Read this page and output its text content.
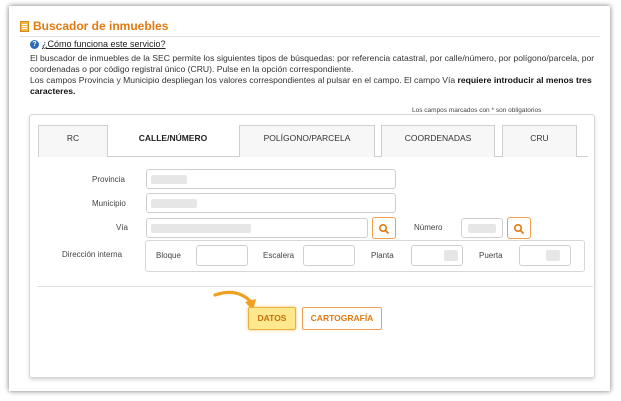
Buscador de inmuebles
? ¿Cómo funciona este servicio?

El buscador de inmuebles de la SEC permite los siguientes tipos de búsquedas: por referencia catastral, por calle/número, por polígono/parcela, por coordenadas o por código registral único (CRU). Pulse en la opción correspondiente.

Los campos Provincia y Municipio despliegan los valores correspondientes al pulsar en el campo. El campo Vía requiere introducir al menos tres caracteres.

Los campos marcados con * son obligatorios
RC	CALLE/NÚMERO	POLÍGONO/PARCELA	COORDENADAS	CRU
Provincia
Municipio
Vía	Número
Dirección interna	Bloque	Escalera	Planta	Puerta
DATOS	CARTOGRAFÍA
